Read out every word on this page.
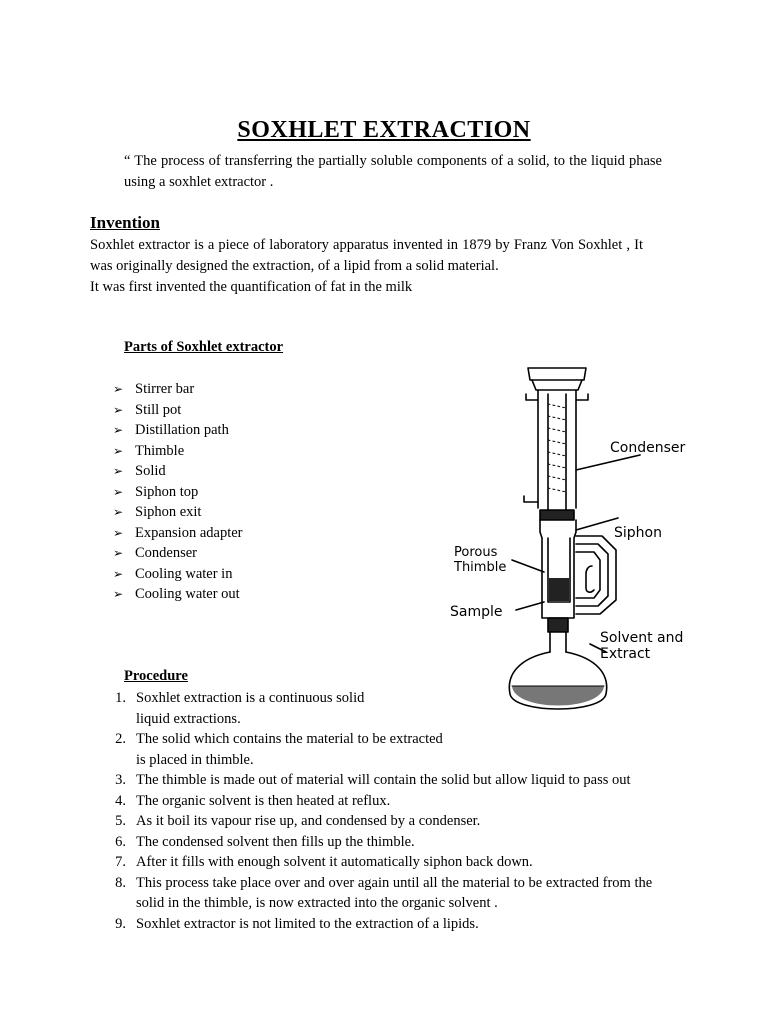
SOXHLET EXTRACTION
“ The process of transferring the partially soluble components of a solid, to the liquid phase using a soxhlet extractor .
Invention

Soxhlet extractor is a piece of laboratory apparatus invented in 1879 by Franz Von Soxhlet , It was originally designed the extraction, of a lipid from a solid material.

It was first invented the quantification of fat in the milk

Parts of Soxhlet extractor
➢ Stirrer bar
➢ Still pot
➢ Distillation path
➢ Thimble
➢ Solid
➢ Siphon top
➢ Siphon exit
➢ Expansion adapter
➢ Condenser
➢ Cooling water in
➢ Cooling water out
Condenser
Siphon
Porous
Thimble
Sample
Solvent and
Extract
Procedure
1. Soxhlet extraction is a continuous solid liquid extractions.
2. The solid which contains the material to be extracted is placed in thimble.
3. The thimble is made out of material will contain the solid but allow liquid to pass out
4. The organic solvent is then heated at reflux.
5. As it boil its vapour rise up, and condensed by a condenser.
6. The condensed solvent then fills up the thimble.
7. After it fills with enough solvent it automatically siphon back down.
8. This process take place over and over again until all the material to be extracted from the solid in the thimble, is now extracted into the organic solvent .
9. Soxhlet extractor is not limited to the extraction of a lipids.
